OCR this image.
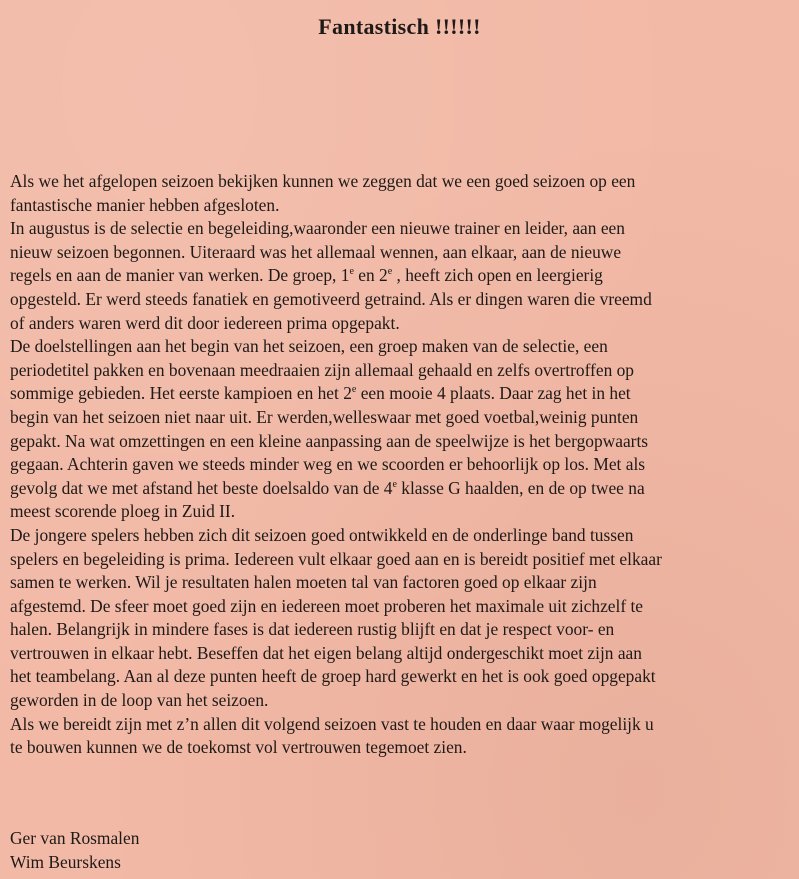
Fantastisch !!!!!!
Als we het afgelopen seizoen bekijken kunnen we zeggen dat we een goed seizoen op een
fantastische manier hebben afgesloten.
In augustus is de selectie en begeleiding,waaronder een nieuwe trainer en leider, aan een
nieuw seizoen begonnen. Uiteraard was het allemaal wennen, aan elkaar, aan de nieuwe
regels en aan de manier van werken. De groep, 1e en 2e , heeft zich open en leergierig
opgesteld. Er werd steeds fanatiek en gemotiveerd getraind. Als er dingen waren die vreemd
of anders waren werd dit door iedereen prima opgepakt.
De doelstellingen aan het begin van het seizoen, een groep maken van de selectie, een
periodetitel pakken en bovenaan meedraaien zijn allemaal gehaald en zelfs overtroffen op
sommige gebieden. Het eerste kampioen en het 2e een mooie 4 plaats. Daar zag het in het
begin van het seizoen niet naar uit. Er werden,welleswaar met goed voetbal,weinig punten
gepakt. Na wat omzettingen en een kleine aanpassing aan de speelwijze is het bergopwaarts
gegaan. Achterin gaven we steeds minder weg en we scoorden er behoorlijk op los. Met als
gevolg dat we met afstand het beste doelsaldo van de 4e klasse G haalden, en de op twee na
meest scorende ploeg in Zuid II.
De jongere spelers hebben zich dit seizoen goed ontwikkeld en de onderlinge band tussen
spelers en begeleiding is prima. Iedereen vult elkaar goed aan en is bereidt positief met elkaar
samen te werken. Wil je resultaten halen moeten tal van factoren goed op elkaar zijn
afgestemd. De sfeer moet goed zijn en iedereen moet proberen het maximale uit zichzelf te
halen. Belangrijk in mindere fases is dat iedereen rustig blijft en dat je respect voor- en
vertrouwen in elkaar hebt. Beseffen dat het eigen belang altijd ondergeschikt moet zijn aan
het teambelang. Aan al deze punten heeft de groep hard gewerkt en het is ook goed opgepakt
geworden in de loop van het seizoen.
Als we bereidt zijn met z’n allen dit volgend seizoen vast te houden en daar waar mogelijk u
te bouwen kunnen we de toekomst vol vertrouwen tegemoet zien.
Ger van Rosmalen
Wim Beurskens
